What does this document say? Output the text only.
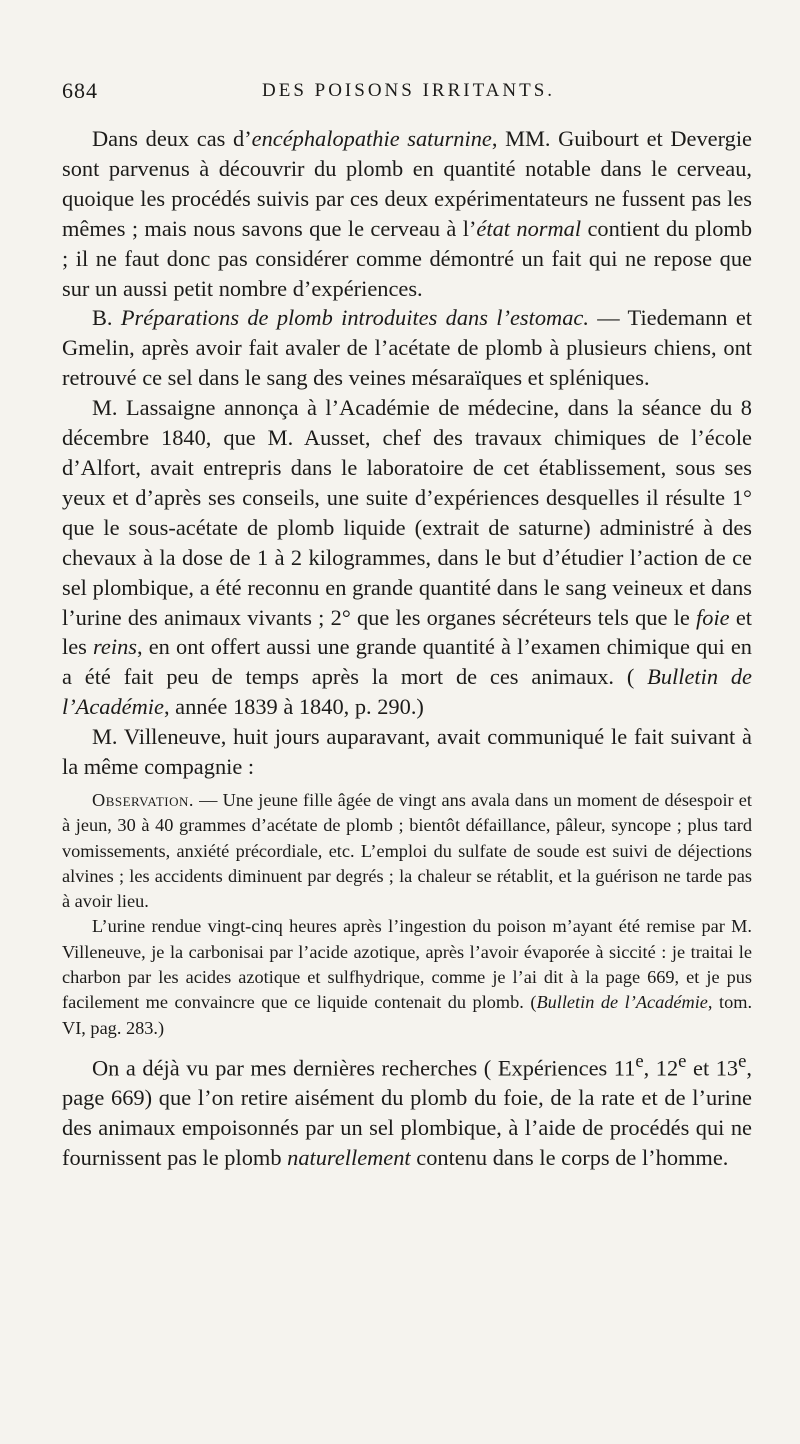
684	DES POISONS IRRITANTS.

Dans deux cas d’encéphalopathie saturnine, MM. Guibourt et Devergie sont parvenus à découvrir du plomb en quantité notable dans le cerveau, quoique les procédés suivis par ces deux expérimentateurs ne fussent pas les mêmes ; mais nous savons que le cerveau à l’état normal contient du plomb ; il ne faut donc pas considérer comme démontré un fait qui ne repose que sur un aussi petit nombre d’expériences.

B. Préparations de plomb introduites dans l’estomac. — Tiedemann et Gmelin, après avoir fait avaler de l’acétate de plomb à plusieurs chiens, ont retrouvé ce sel dans le sang des veines mésaraïques et spléniques.

M. Lassaigne annonça à l’Académie de médecine, dans la séance du 8 décembre 1840, que M. Ausset, chef des travaux chimiques de l’école d’Alfort, avait entrepris dans le laboratoire de cet établissement, sous ses yeux et d’après ses conseils, une suite d’expériences desquelles il résulte 1° que le sous-acétate de plomb liquide (extrait de saturne) administré à des chevaux à la dose de 1 à 2 kilogrammes, dans le but d’étudier l’action de ce sel plombique, a été reconnu en grande quantité dans le sang veineux et dans l’urine des animaux vivants ; 2° que les organes sécréteurs tels que le foie et les reins, en ont offert aussi une grande quantité à l’examen chimique qui en a été fait peu de temps après la mort de ces animaux. ( Bulletin de l’Académie, année 1839 à 1840, p. 290.)

M. Villeneuve, huit jours auparavant, avait communiqué le fait suivant à la même compagnie :

Observation. — Une jeune fille âgée de vingt ans avala dans un moment de désespoir et à jeun, 30 à 40 grammes d’acétate de plomb ; bientôt défaillance, pâleur, syncope ; plus tard vomissements, anxiété précordiale, etc. L’emploi du sulfate de soude est suivi de déjections alvines ; les accidents diminuent par degrés ; la chaleur se rétablit, et la guérison ne tarde pas à avoir lieu.

L’urine rendue vingt-cinq heures après l’ingestion du poison m’ayant été remise par M. Villeneuve, je la carbonisai par l’acide azotique, après l’avoir évaporée à siccité : je traitai le charbon par les acides azotique et sulfhydrique, comme je l’ai dit à la page 669, et je pus facilement me convaincre que ce liquide contenait du plomb. (Bulletin de l’Académie, tom. VI, pag. 283.)

On a déjà vu par mes dernières recherches ( Expériences 11e, 12e et 13e, page 669) que l’on retire aisément du plomb du foie, de la rate et de l’urine des animaux empoisonnés par un sel plombique, à l’aide de procédés qui ne fournissent pas le plomb naturellement contenu dans le corps de l’homme.
